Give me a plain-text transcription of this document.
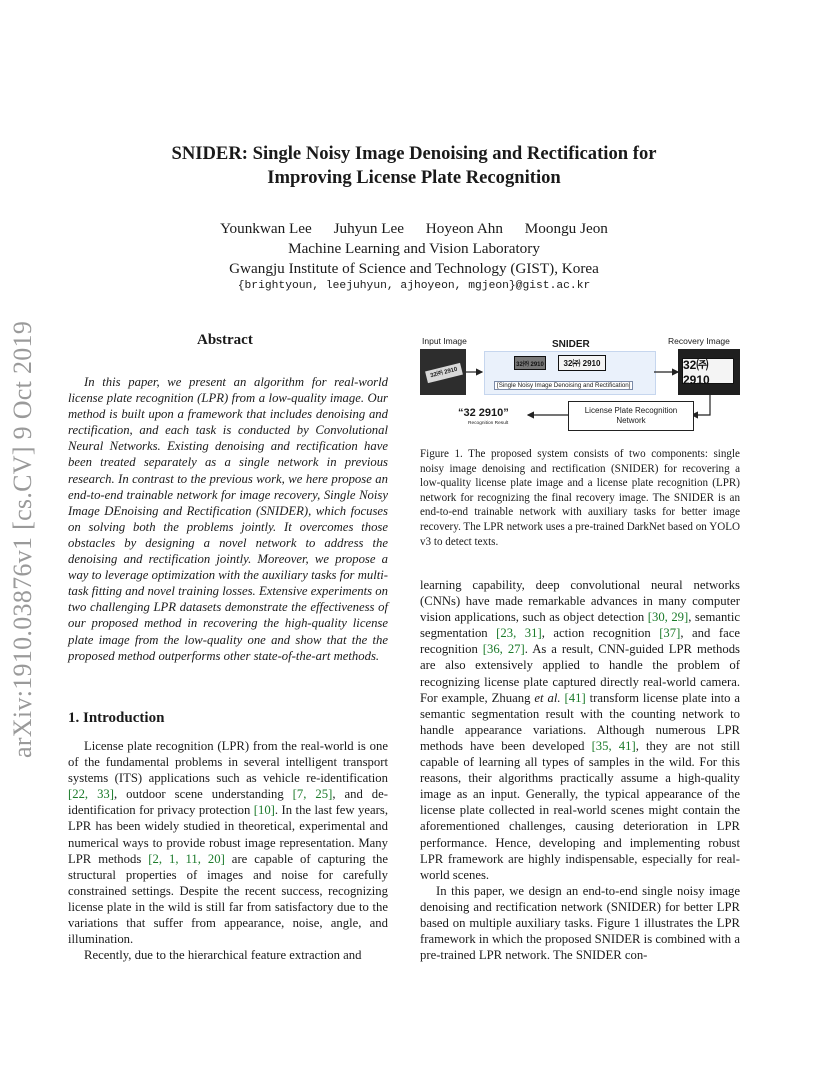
arXiv:1910.03876v1 [cs.CV] 9 Oct 2019
SNIDER: Single Noisy Image Denoising and Rectification for
Improving License Plate Recognition
Younkwan Lee Juhyun Lee Hoyeon Ahn Moongu Jeon
Machine Learning and Vision Laboratory
Gwangju Institute of Science and Technology (GIST), Korea
{brightyoun, leejuhyun, ajhoyeon, mgjeon}@gist.ac.kr
Abstract

In this paper, we present an algorithm for real-world license plate recognition (LPR) from a low-quality image. Our method is built upon a framework that includes denoising and rectification, and each task is conducted by Convolutional Neural Networks. Existing denoising and rectification have been treated separately as a single network in previous research. In contrast to the previous work, we here propose an end-to-end trainable network for image recovery, Single Noisy Image DEnoising and Rectification (SNIDER), which focuses on solving both the problems jointly. It overcomes those obstacles by designing a novel network to address the denoising and rectification jointly. Moreover, we propose a way to leverage optimization with the auxiliary tasks for multi-task fitting and novel training losses. Extensive experiments on two challenging LPR datasets demonstrate the effectiveness of our proposed method in recovering the high-quality license plate image from the low-quality one and show that the the proposed method outperforms other state-of-the-art methods.

1. Introduction

License plate recognition (LPR) from the real-world is one of the fundamental problems in several intelligent transport systems (ITS) applications such as vehicle re-identification [22, 33], outdoor scene understanding [7, 25], and de-identification for privacy protection [10]. In the last few years, LPR has been widely studied in theoretical, experimental and numerical ways to provide robust image representation. Many LPR methods [2, 1, 11, 20] are capable of capturing the structural properties of images and noise for carefully constrained settings. Despite the recent success, recognizing license plate in the wild is still far from satisfactory due to the variations that suffer from appearance, noise, angle, and illumination.

Recently, due to the hierarchical feature extraction and

Input Image	SNIDER	Recovery Image
32㈜ 2910
32㈜ 2910	32㈜ 2910
[Single Noisy Image Denoising and Rectification]
32㈜ 2910
License Plate Recognition
Network
“32 2910”
Recognition Result
Figure 1. The proposed system consists of two components: single noisy image denoising and rectification (SNIDER) for recovering a low-quality license plate image and a license plate recognition (LPR) network for recognizing the final recovery image. The SNIDER is an end-to-end trainable network with auxiliary tasks for better image recovery. The LPR network uses a pre-trained DarkNet based on YOLO v3 to detect texts.

learning capability, deep convolutional neural networks (CNNs) have made remarkable advances in many computer vision applications, such as object detection [30, 29], semantic segmentation [23, 31], action recognition [37], and face recognition [36, 27]. As a result, CNN-guided LPR methods are also extensively applied to handle the problem of recognizing license plate captured directly real-world camera. For example, Zhuang et al. [41] transform license plate into a semantic segmentation result with the counting network to handle appearance variations. Although numerous LPR methods have been developed [35, 41], they are not still capable of learning all types of samples in the wild. For this reasons, their algorithms practically assume a high-quality image as an input. Generally, the typical appearance of the license plate collected in real-world scenes might contain the aforementioned challenges, causing deterioration in LPR performance. Hence, developing and implementing robust LPR framework are highly indispensable, especially for real-world scenes.

In this paper, we design an end-to-end single noisy image denoising and rectification network (SNIDER) for better LPR based on multiple auxiliary tasks. Figure 1 illustrates the LPR framework in which the proposed SNIDER is combined with a pre-trained LPR network. The SNIDER con-
